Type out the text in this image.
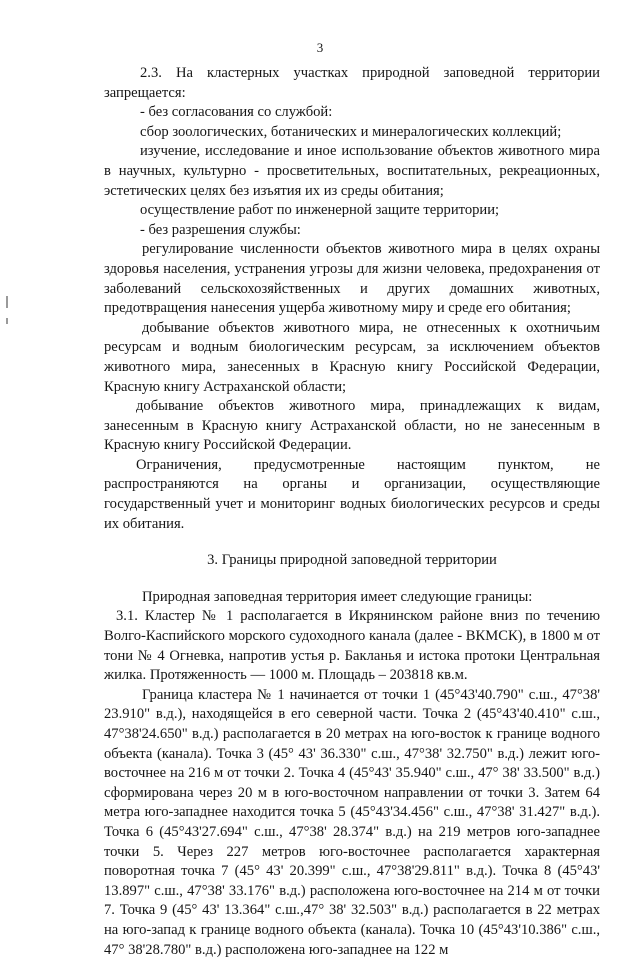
3

2.3. На кластерных участках природной заповедной территории запрещается:

- без согласования со службой:

сбор зоологических, ботанических и минералогических коллекций;

изучение, исследование и иное использование объектов животного мира в научных, культурно - просветительных, воспитательных, рекреационных, эстетических целях без изъятия их из среды обитания;

осуществление работ по инженерной защите территории;

- без разрешения службы:

регулирование численности объектов животного мира в целях охраны здоровья населения, устранения угрозы для жизни человека, предохранения от заболеваний сельскохозяйственных и других домашних животных, предотвращения нанесения ущерба животному миру и среде его обитания;

добывание объектов животного мира, не отнесенных к охотничьим ресурсам и водным биологическим ресурсам, за исключением объектов животного мира, занесенных в Красную книгу Российской Федерации, Красную книгу Астраханской области;

добывание объектов животного мира, принадлежащих к видам, занесенным в Красную книгу Астраханской области, но не занесенным в Красную книгу Российской Федерации.

Ограничения, предусмотренные настоящим пунктом, не распространяются на органы и организации, осуществляющие государственный учет и мониторинг водных биологических ресурсов и среды их обитания.

3. Границы природной заповедной территории

Природная заповедная территория имеет следующие границы:

3.1. Кластер № 1 располагается в Икрянинском районе вниз по течению Волго-Каспийского морского судоходного канала (далее - ВКМСК), в 1800 м от тони № 4 Огневка, напротив устья р. Бакланья и истока протоки Центральная жилка. Протяженность — 1000 м. Площадь – 203818 кв.м.

Граница кластера № 1 начинается от точки 1 (45°43'40.790" с.ш., 47°38' 23.910" в.д.), находящейся в его северной части. Точка 2 (45°43'40.410" с.ш., 47°38'24.650" в.д.) располагается в 20 метрах на юго-восток к границе водного объекта (канала). Точка 3 (45° 43' 36.330" с.ш., 47°38' 32.750" в.д.) лежит юго-восточнее на 216 м от точки 2. Точка 4 (45°43' 35.940" с.ш., 47° 38' 33.500" в.д.) сформирована через 20 м в юго-восточном направлении от точки 3. Затем 64 метра юго-западнее находится точка 5 (45°43'34.456" с.ш., 47°38' 31.427" в.д.). Точка 6 (45°43'27.694" с.ш., 47°38' 28.374" в.д.) на 219 метров юго-западнее точки 5. Через 227 метров юго-восточнее располагается характерная поворотная точка 7 (45° 43' 20.399" с.ш., 47°38'29.811" в.д.). Точка 8 (45°43' 13.897" с.ш., 47°38' 33.176" в.д.) расположена юго-восточнее на 214 м от точки 7. Точка 9 (45° 43' 13.364" с.ш.,47° 38' 32.503" в.д.) располагается в 22 метрах на юго-запад к границе водного объекта (канала). Точка 10 (45°43'10.386" с.ш., 47° 38'28.780" в.д.) расположена юго-западнее на 122 м
